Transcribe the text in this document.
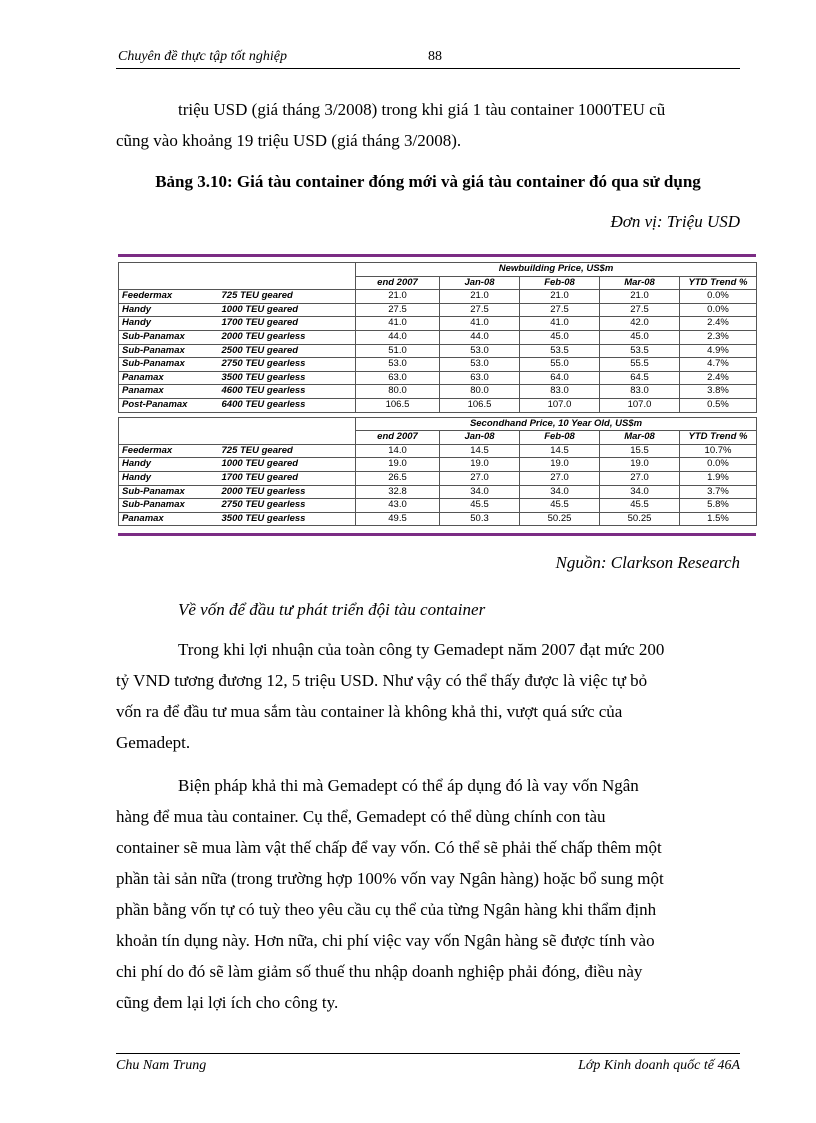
Chuyên đề thực tập tốt nghiệp	88
triệu USD (giá tháng 3/2008) trong khi giá 1 tàu container 1000TEU cũ
cũng vào khoảng 19 triệu USD (giá tháng 3/2008).
Bảng 3.10: Giá tàu container đóng mới và giá tàu container đó qua sử dụng
Đơn vị: Triệu USD
		Newbuilding Price, US$m				
		end 2007	Jan-08	Feb-08	Mar-08	YTD Trend %
Feedermax	725 TEU geared	21.0	21.0	21.0	21.0	0.0%
Handy	1000 TEU geared	27.5	27.5	27.5	27.5	0.0%
Handy	1700 TEU geared	41.0	41.0	41.0	42.0	2.4%
Sub-Panamax	2000 TEU gearless	44.0	44.0	45.0	45.0	2.3%
Sub-Panamax	2500 TEU geared	51.0	53.0	53.5	53.5	4.9%
Sub-Panamax	2750 TEU gearless	53.0	53.0	55.0	55.5	4.7%
Panamax	3500 TEU gearless	63.0	63.0	64.0	64.5	2.4%
Panamax	4600 TEU gearless	80.0	80.0	83.0	83.0	3.8%
Post-Panamax	6400 TEU gearless	106.5	106.5	107.0	107.0	0.5%

		Secondhand Price, 10 Year Old, US$m				
		end 2007	Jan-08	Feb-08	Mar-08	YTD Trend %
Feedermax	725 TEU geared	14.0	14.5	14.5	15.5	10.7%
Handy	1000 TEU geared	19.0	19.0	19.0	19.0	0.0%
Handy	1700 TEU geared	26.5	27.0	27.0	27.0	1.9%
Sub-Panamax	2000 TEU gearless	32.8	34.0	34.0	34.0	3.7%
Sub-Panamax	2750 TEU gearless	43.0	45.5	45.5	45.5	5.8%
Panamax	3500 TEU gearless	49.5	50.3	50.25	50.25	1.5%
Nguồn: Clarkson Research
Về vốn để đầu tư phát triển đội tàu container
Trong khi lợi nhuận của toàn công ty Gemadept năm 2007 đạt mức 200
tỷ VND tương đương 12, 5 triệu USD. Như vậy có thể thấy được là việc tự bỏ
vốn ra để đầu tư mua sắm tàu container là không khả thi, vượt quá sức của
Gemadept.
Biện pháp khả thi mà Gemadept có thể áp dụng đó là vay vốn Ngân
hàng để mua tàu container. Cụ thể, Gemadept có thể dùng chính con tàu
container sẽ mua làm vật thế chấp để vay vốn. Có thể sẽ phải thế chấp thêm một
phần tài sản nữa (trong trường hợp 100% vốn vay Ngân hàng) hoặc bổ sung một
phần bằng vốn tự có tuỳ theo yêu cầu cụ thể của từng Ngân hàng khi thẩm định
khoản tín dụng này. Hơn nữa, chi phí việc vay vốn Ngân hàng sẽ được tính vào
chi phí do đó sẽ làm giảm số thuế thu nhập doanh nghiệp phải đóng, điều này
cũng đem lại lợi ích cho công ty.
Chu Nam Trung	Lớp Kinh doanh quốc tế 46A
